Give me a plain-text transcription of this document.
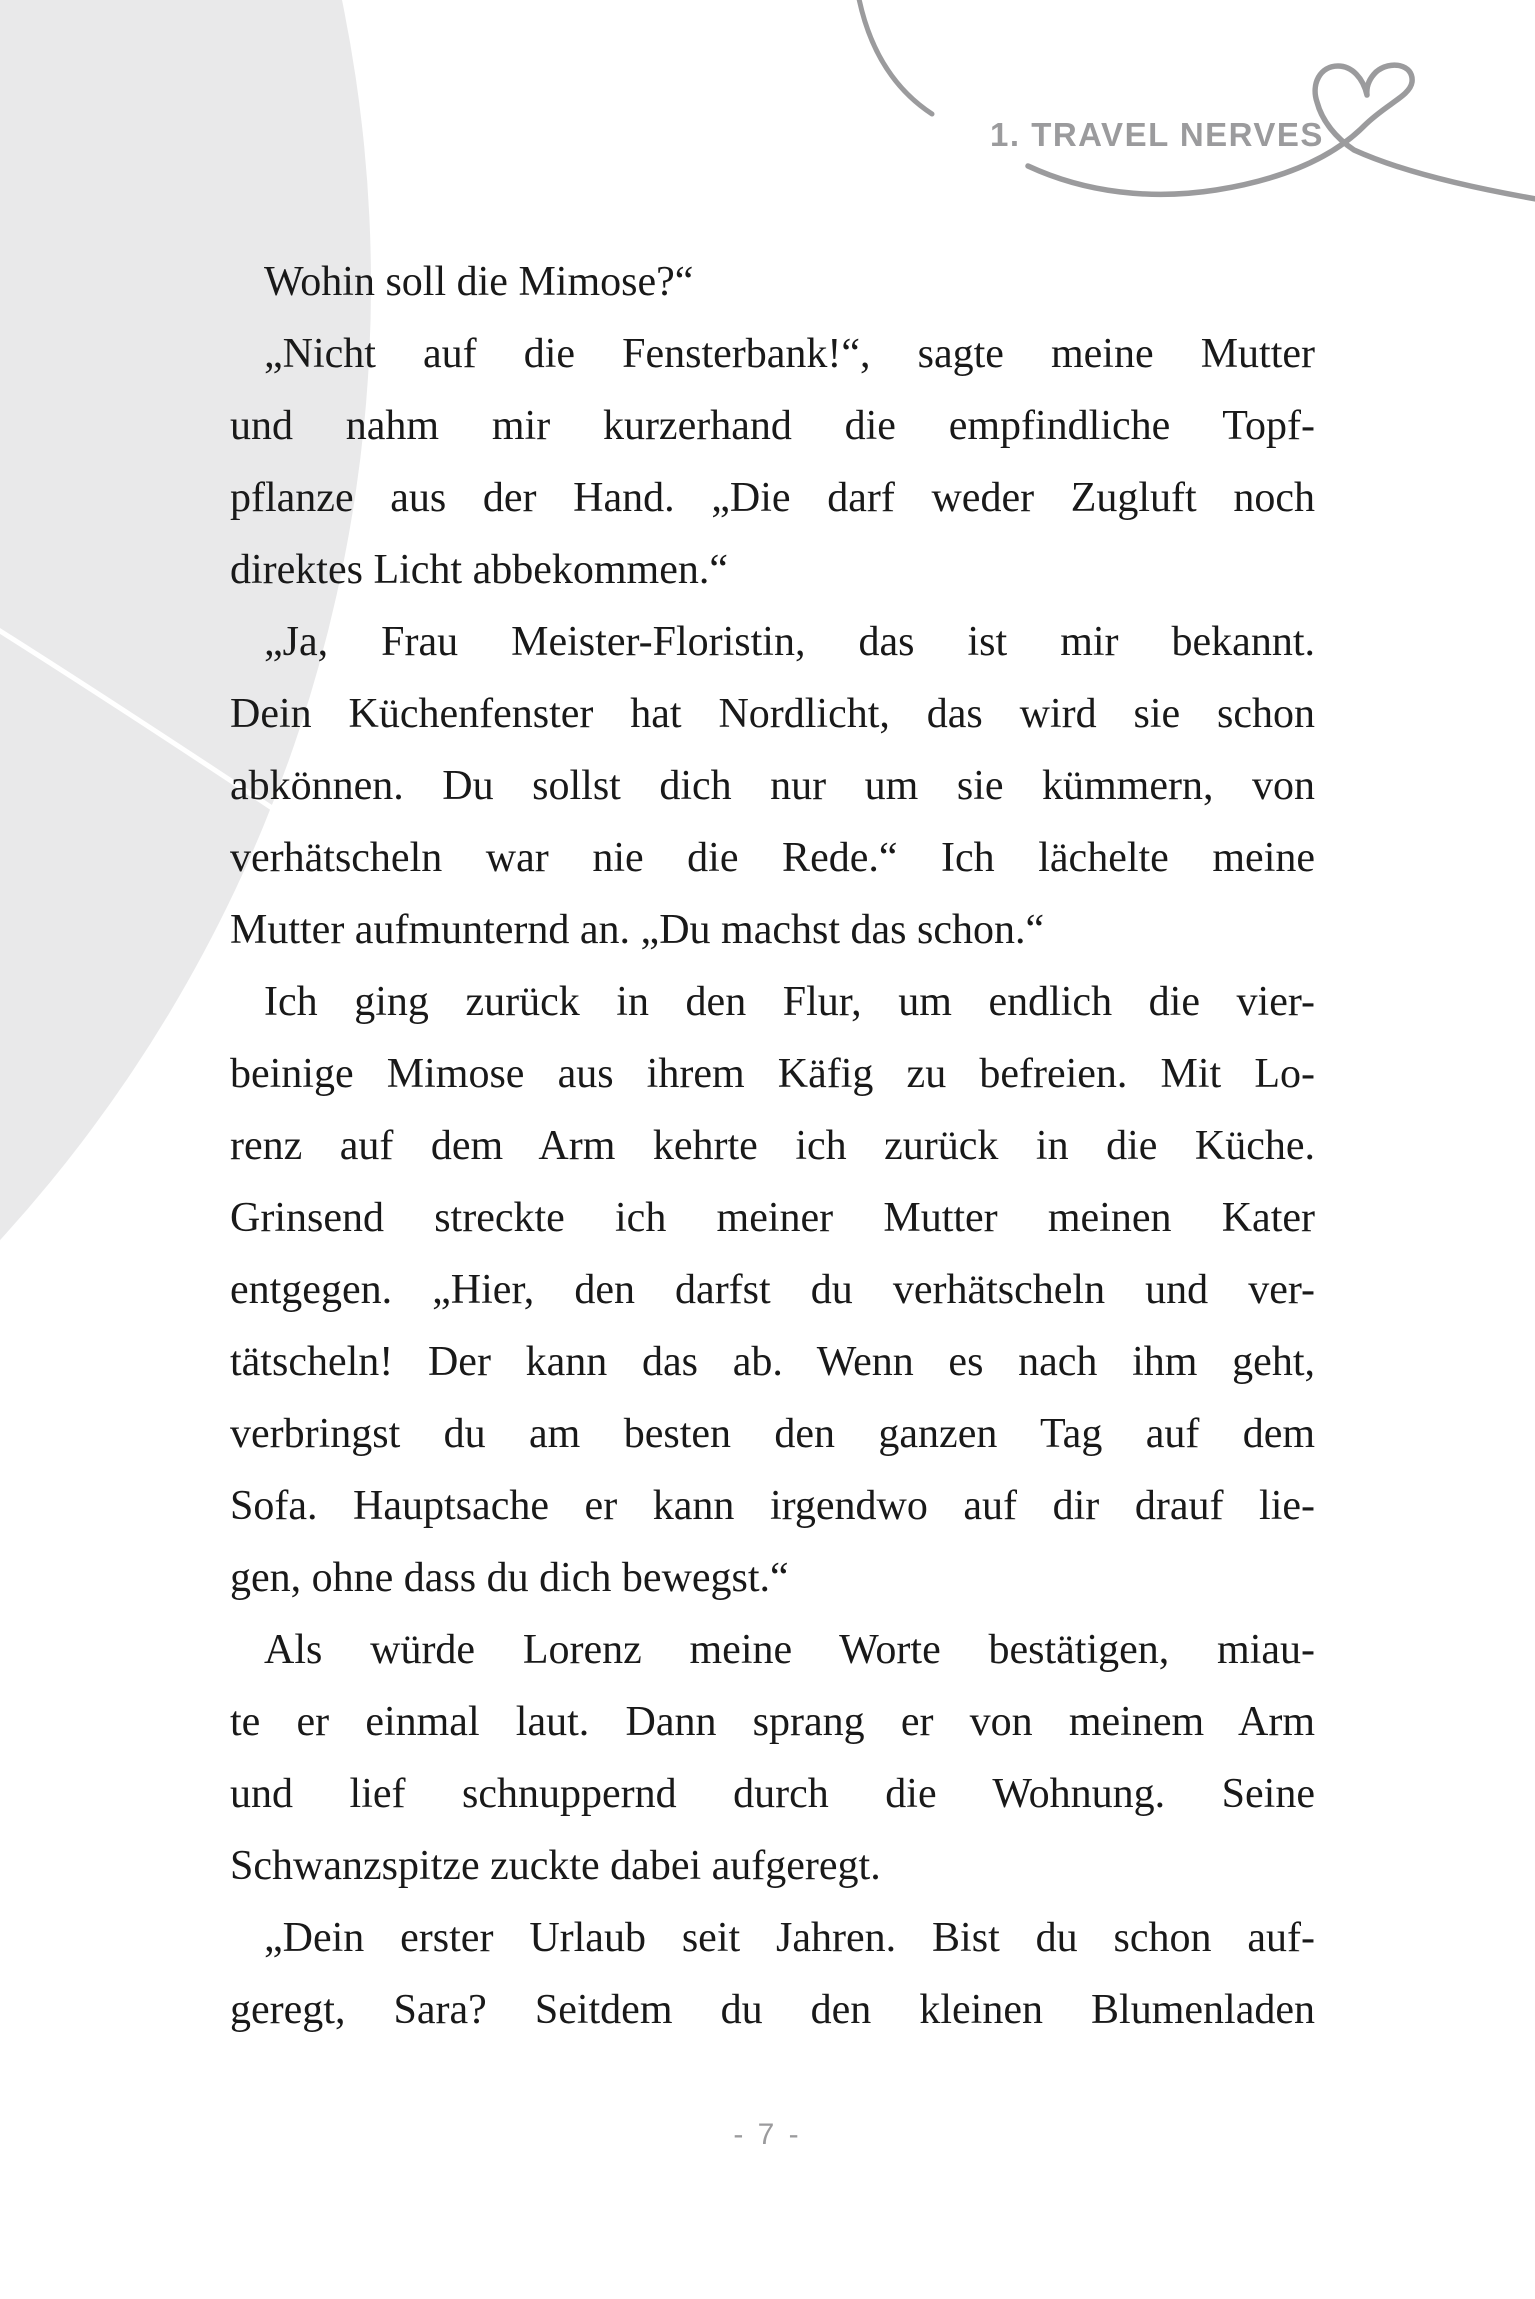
1. TRAVEL NERVES
Wohin soll die Mimose?“
„Nicht auf die Fensterbank!“, sagte meine Mutter
und nahm mir kurzerhand die empfindliche Topf-
pflanze aus der Hand. „Die darf weder Zugluft noch
direktes Licht abbekommen.“
„Ja, Frau Meister-Floristin, das ist mir bekannt.
Dein Küchenfenster hat Nordlicht, das wird sie schon
abkönnen. Du sollst dich nur um sie kümmern, von
verhätscheln war nie die Rede.“ Ich lächelte meine
Mutter aufmunternd an. „Du machst das schon.“
Ich ging zurück in den Flur, um endlich die vier-
beinige Mimose aus ihrem Käfig zu befreien. Mit Lo-
renz auf dem Arm kehrte ich zurück in die Küche.
Grinsend streckte ich meiner Mutter meinen Kater
entgegen. „Hier, den darfst du verhätscheln und ver-
tätscheln! Der kann das ab. Wenn es nach ihm geht,
verbringst du am besten den ganzen Tag auf dem
Sofa. Hauptsache er kann irgendwo auf dir drauf lie-
gen, ohne dass du dich bewegst.“
Als würde Lorenz meine Worte bestätigen, miau-
te er einmal laut. Dann sprang er von meinem Arm
und lief schnuppernd durch die Wohnung. Seine
Schwanzspitze zuckte dabei aufgeregt.
„Dein erster Urlaub seit Jahren. Bist du schon auf-
geregt, Sara? Seitdem du den kleinen Blumenladen
- 7 -
